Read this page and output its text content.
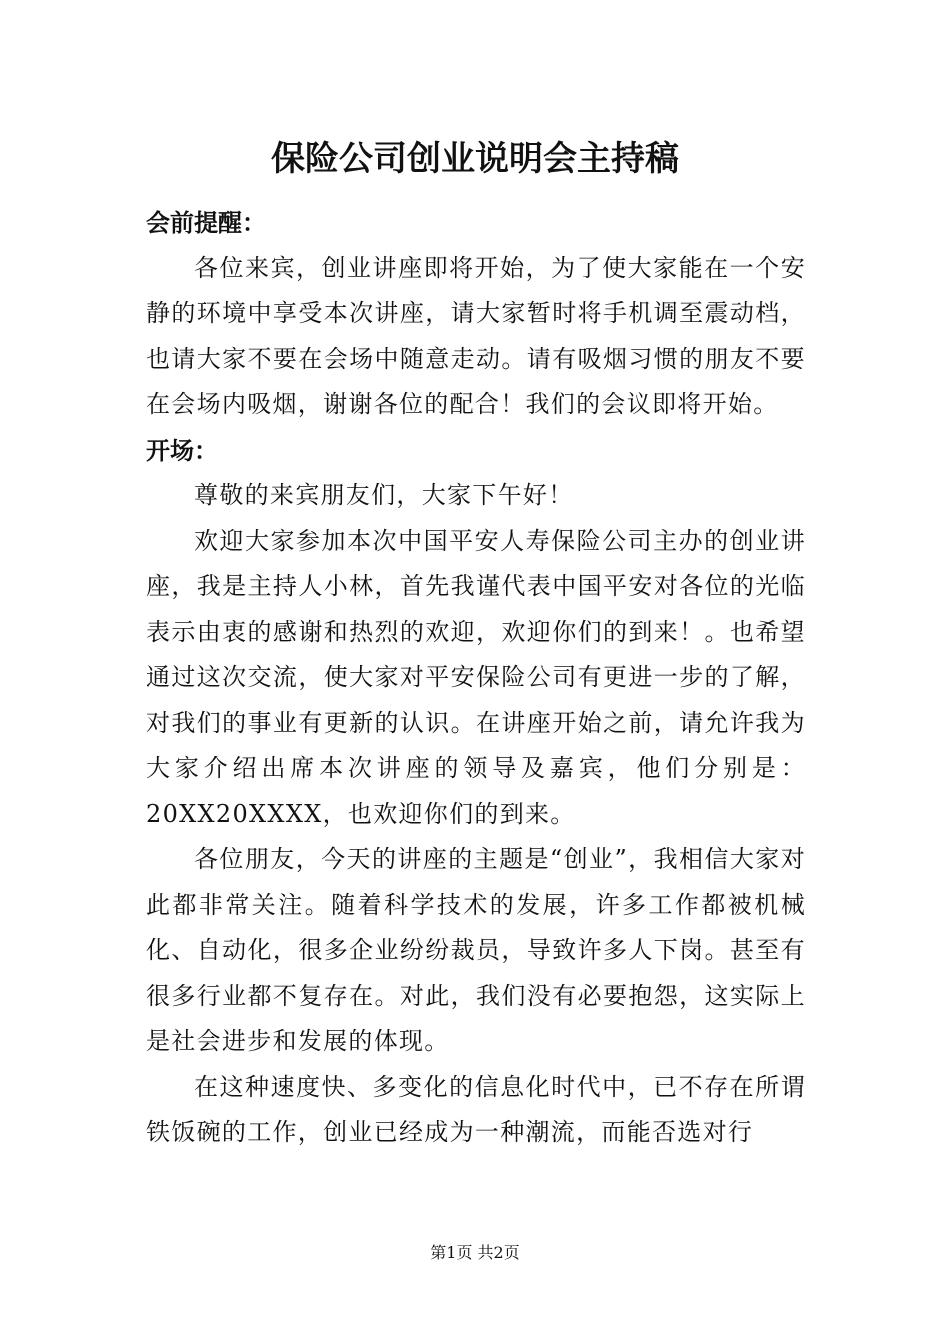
保险公司创业说明会主持稿

会前提醒：

各位来宾，创业讲座即将开始，为了使大家能在一个安静的环境中享受本次讲座，请大家暂时将手机调至震动档，也请大家不要在会场中随意走动。请有吸烟习惯的朋友不要在会场内吸烟，谢谢各位的配合！我们的会议即将开始。

开场：

尊敬的来宾朋友们，大家下午好！

欢迎大家参加本次中国平安人寿保险公司主办的创业讲座，我是主持人小林，首先我谨代表中国平安对各位的光临表示由衷的感谢和热烈的欢迎，欢迎你们的到来！。也希望通过这次交流，使大家对平安保险公司有更进一步的了解，对我们的事业有更新的认识。在讲座开始之前，请允许我为大家介绍出席本次讲座的领导及嘉宾，他们分别是：20XX20XXXX，也欢迎你们的到来。

各位朋友，今天的讲座的主题是“创业”，我相信大家对此都非常关注。随着科学技术的发展，许多工作都被机械化、自动化，很多企业纷纷裁员，导致许多人下岗。甚至有很多行业都不复存在。对此，我们没有必要抱怨，这实际上是社会进步和发展的体现。

在这种速度快、多变化的信息化时代中，已不存在所谓铁饭碗的工作，创业已经成为一种潮流，而能否选对行

第1页 共2页
